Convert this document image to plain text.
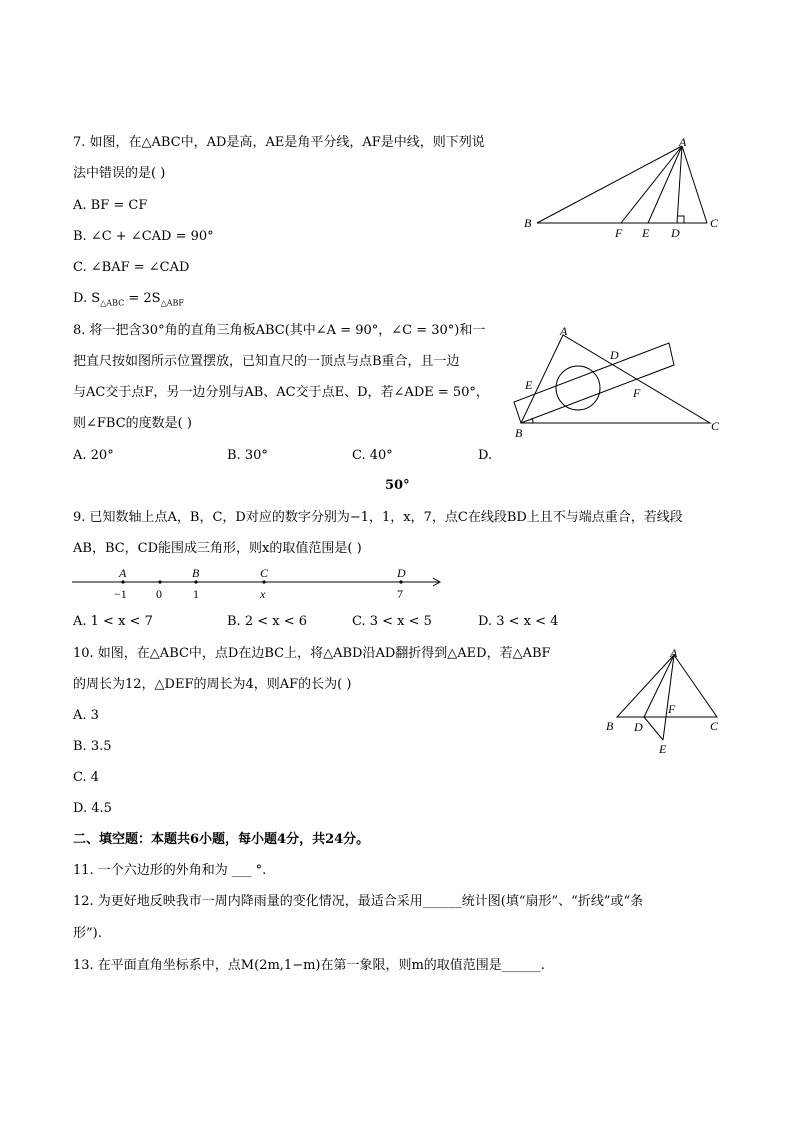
7. 如图，在△ABC中，AD是高，AE是角平分线，AF是中线，则下列说
法中错误的是( )
A. BF = CF
B. ∠C + ∠CAD = 90°
C. ∠BAF = ∠CAD
D. $S_{\triangle ABC} = 2S_{\triangle ABF}$
A
B	C
F E D
8. 将一把含30°角的直角三角板ABC(其中∠A = 90°，∠C = 30°)和一
把直尺按如图所示位置摆放，已知直尺的一顶点与点B重合，且一边
与AC交于点F，另一边分别与AB、AC交于点E、D，若∠ADE = 50°，
则∠FBC的度数是( )
A. 20°	B. 30°	C. 40°	D.
50°
A
B	C
D
E
F
9. 已知数轴上点A，B，C，D对应的数字分别为−1，1，x，7，点C在线段BD上且不与端点重合，若线段
AB，BC，CD能围成三角形，则x的取值范围是( )
A	B	C	D
−1 0	1	x	7
A. 1 < x < 7	B. 2 < x < 6	C. 3 < x < 5	D. 3 < x < 4
10. 如图，在△ABC中，点D在边BC上，将△ABD沿AD翻折得到△AED，若△ABF
的周长为12，△DEF的周长为4，则AF的长为( )
A. 3
B. 3.5
C. 4
D. 4.5
A
B	C
D
F
E
二、填空题：本题共6小题，每小题4分，共24分。
11. 一个六边形的外角和为 ___ °.
12. 为更好地反映我市一周内降雨量的变化情况，最适合采用______统计图(填“扇形”、“折线”或“条
形”).
13. 在平面直角坐标系中，点M(2m,1−m)在第一象限，则m的取值范围是______.
